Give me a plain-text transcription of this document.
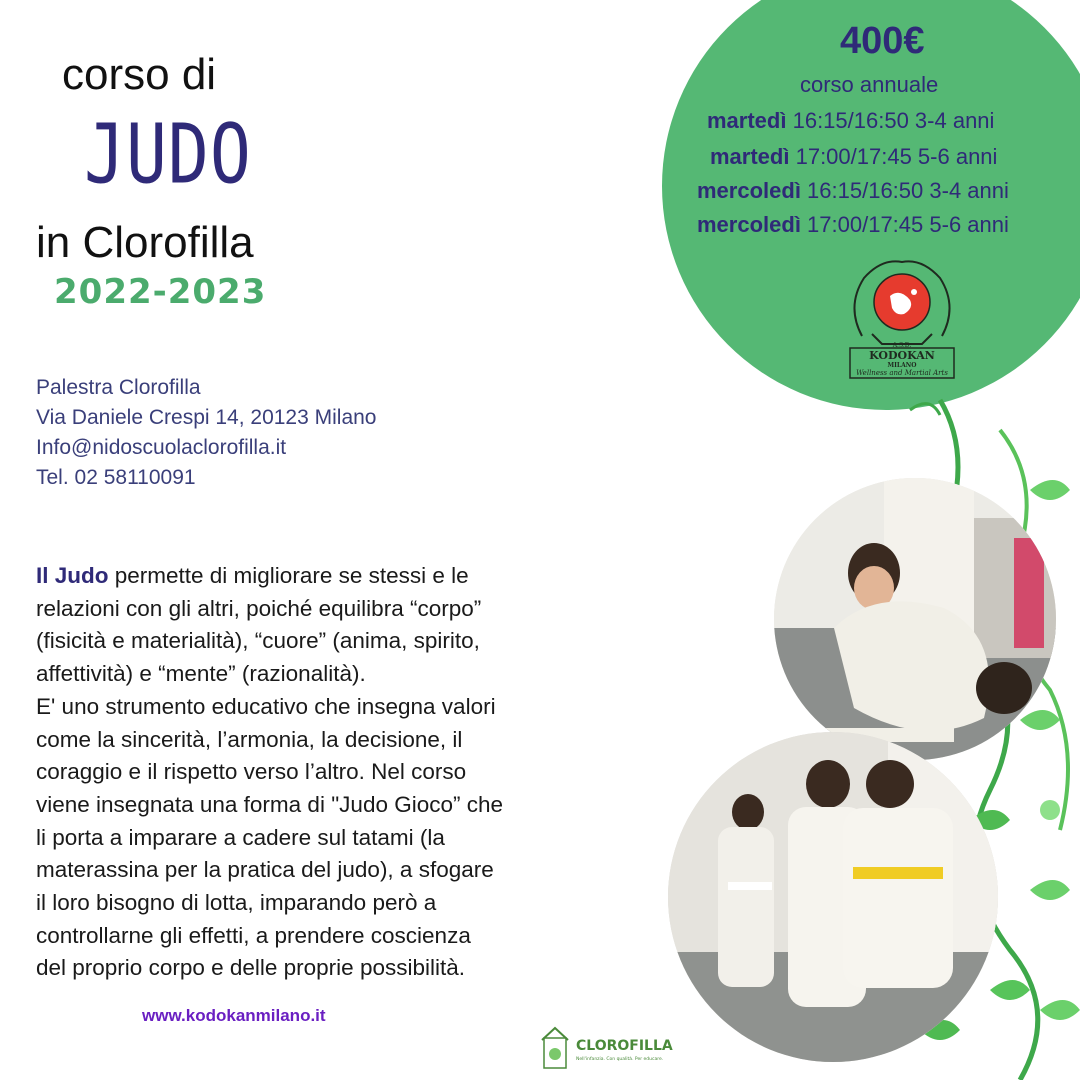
corso di
JUDO
in Clorofilla
2022-2023
Palestra Clorofilla
Via Daniele Crespi 14, 20123 Milano
Info@nidoscuolaclorofilla.it
Tel. 02 58110091
Il Judo permette di migliorare se stessi e le
relazioni con gli altri, poiché equilibra “corpo”
(fisicità e materialità), “cuore” (anima, spirito,
affettività) e “mente” (razionalità).
E' uno strumento educativo che insegna valori
come la sincerità, l’armonia, la decisione, il
coraggio e il rispetto verso l’altro. Nel corso
viene insegnata una forma di "Judo Gioco” che
li porta a imparare a cadere sul tatami (la
materassina per la pratica del judo), a sfogare
il loro bisogno di lotta, imparando però a
controllarne gli effetti, a prendere coscienza
del proprio corpo e delle proprie possibilità.
www.kodokanmilano.it
400€
corso annuale
martedì 16:15/16:50 3-4 anni
martedì 17:00/17:45 5-6 anni
mercoledì 16:15/16:50 3-4 anni
mercoledì 17:00/17:45 5-6 anni
A.S.D.
KODOKAN
MILANO
Wellness and Martial Arts
CLOROFILLA
Nell'infanzia. Con qualità. Per educare.
